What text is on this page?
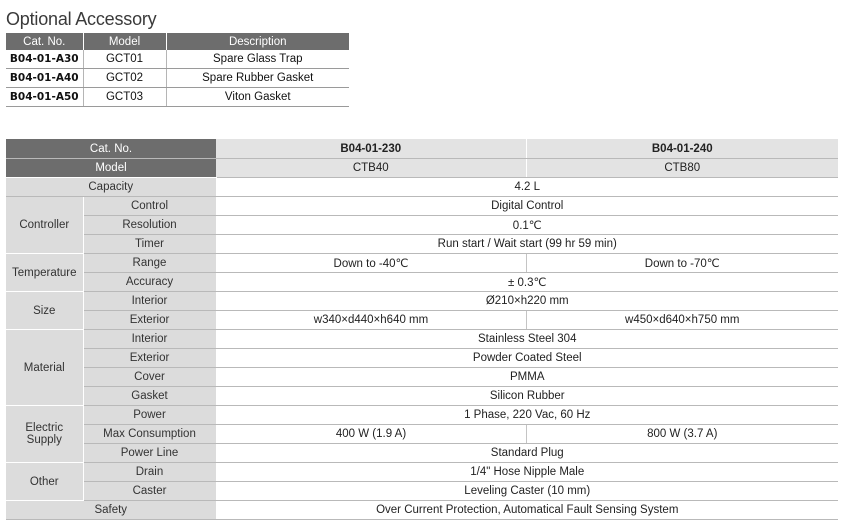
Optional Accessory
Cat. No.	Model	Description
B04-01-A30	GCT01	Spare Glass Trap
B04-01-A40	GCT02	Spare Rubber Gasket
B04-01-A50	GCT03	Viton Gasket
Cat. No.		B04-01-230	B04-01-240
Model		CTB40	CTB80
Capacity		4.2 L	
Controller	Control	Digital Control	
	Resolution	0.1℃	
	Timer	Run start / Wait start (99 hr 59 min)	
Temperature	Range	Down to -40℃	Down to -70℃
	Accuracy	± 0.3℃	
Size	Interior	Ø210×h220 mm	
	Exterior	w340×d440×h640 mm	w450×d640×h750 mm
Material	Interior	Stainless Steel 304	
	Exterior	Powder Coated Steel	
	Cover	PMMA	
	Gasket	Silicon Rubber	
Electric
Supply	Power	1 Phase, 220 Vac, 60 Hz	
	Max Consumption	400 W (1.9 A)	800 W (3.7 A)
	Power Line	Standard Plug	
Other	Drain	1/4" Hose Nipple Male	
	Caster	Leveling Caster (10 mm)	
Safety		Over Current Protection, Automatical Fault Sensing System	
